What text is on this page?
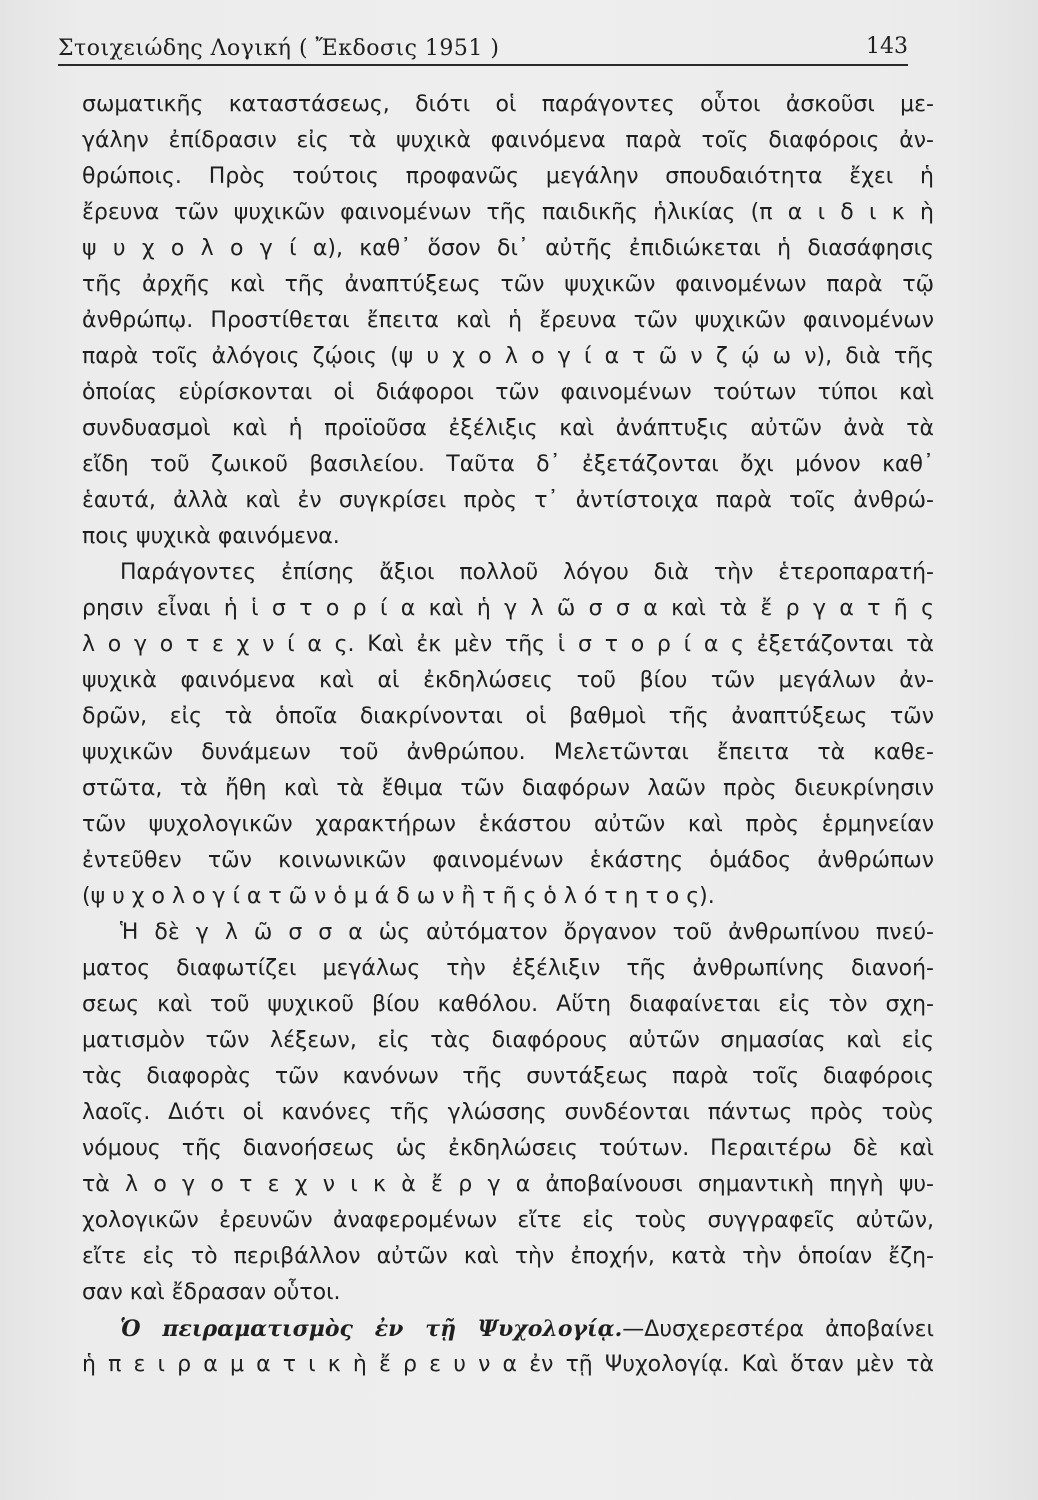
Στοιχειώδης Λογική ( Ἔκδοσις 1951 )	143
σωματικῆς καταστάσεως, διότι οἱ παράγοντες οὗτοι ἀσκοῦσι με-
γάλην ἐπίδρασιν εἰς τὰ ψυχικὰ φαινόμενα παρὰ τοῖς διαφόροις ἀν-
θρώποις. Πρὸς τούτοις προφανῶς μεγάλην σπουδαιότητα ἔχει ἡ
ἔρευνα τῶν ψυχικῶν φαινομένων τῆς παιδικῆς ἡλικίας (π α ι δ ι κ ὴ
ψ υ χ ο λ ο γ ί α), καθ᾽ ὅσον δι᾽ αὐτῆς ἐπιδιώκεται ἡ διασάφησις
τῆς ἀρχῆς καὶ τῆς ἀναπτύξεως τῶν ψυχικῶν φαινομένων παρὰ τῷ
ἀνθρώπῳ. Προστίθεται ἔπειτα καὶ ἡ ἔρευνα τῶν ψυχικῶν φαινομένων
παρὰ τοῖς ἀλόγοις ζῴοις (ψ υ χ ο λ ο γ ί α τ ῶ ν ζ ῴ ω ν), διὰ τῆς
ὁποίας εὑρίσκονται οἱ διάφοροι τῶν φαινομένων τούτων τύποι καὶ
συνδυασμοὶ καὶ ἡ προϊοῦσα ἐξέλιξις καὶ ἀνάπτυξις αὐτῶν ἀνὰ τὰ
εἴδη τοῦ ζωικοῦ βασιλείου. Ταῦτα δ᾽ ἐξετάζονται ὄχι μόνον καθ᾽
ἑαυτά, ἀλλὰ καὶ ἐν συγκρίσει πρὸς τ᾽ ἀντίστοιχα παρὰ τοῖς ἀνθρώ-
ποις ψυχικὰ φαινόμενα.
Παράγοντες ἐπίσης ἄξιοι πολλοῦ λόγου διὰ τὴν ἑτεροπαρατή-
ρησιν εἶναι ἡ ἱ σ τ ο ρ ί α καὶ ἡ γ λ ῶ σ σ α καὶ τὰ ἔ ρ γ α τ ῆ ς
λ ο γ ο τ ε χ ν ί α ς. Καὶ ἐκ μὲν τῆς ἱ σ τ ο ρ ί α ς ἐξετάζονται τὰ
ψυχικὰ φαινόμενα καὶ αἱ ἐκδηλώσεις τοῦ βίου τῶν μεγάλων ἀν-
δρῶν, εἰς τὰ ὁποῖα διακρίνονται οἱ βαθμοὶ τῆς ἀναπτύξεως τῶν
ψυχικῶν δυνάμεων τοῦ ἀνθρώπου. Μελετῶνται ἔπειτα τὰ καθε-
στῶτα, τὰ ἤθη καὶ τὰ ἔθιμα τῶν διαφόρων λαῶν πρὸς διευκρίνησιν
τῶν ψυχολογικῶν χαρακτήρων ἑκάστου αὐτῶν καὶ πρὸς ἑρμηνείαν
ἐντεῦθεν τῶν κοινωνικῶν φαινομένων ἑκάστης ὁμάδος ἀνθρώπων
(ψ υ χ ο λ ο γ ί α τ ῶ ν ὁ μ ά δ ω ν ἢ τ ῆ ς ὁ λ ό τ η τ ο ς).
Ἡ δὲ γ λ ῶ σ σ α ὡς αὐτόματον ὄργανον τοῦ ἀνθρωπίνου πνεύ-
ματος διαφωτίζει μεγάλως τὴν ἐξέλιξιν τῆς ἀνθρωπίνης διανοή-
σεως καὶ τοῦ ψυχικοῦ βίου καθόλου. Αὕτη διαφαίνεται εἰς τὸν σχη-
ματισμὸν τῶν λέξεων, εἰς τὰς διαφόρους αὐτῶν σημασίας καὶ εἰς
τὰς διαφορὰς τῶν κανόνων τῆς συντάξεως παρὰ τοῖς διαφόροις
λαοῖς. Διότι οἱ κανόνες τῆς γλώσσης συνδέονται πάντως πρὸς τοὺς
νόμους τῆς διανοήσεως ὡς ἐκδηλώσεις τούτων. Περαιτέρω δὲ καὶ
τὰ λ ο γ ο τ ε χ ν ι κ ὰ ἔ ρ γ α ἀποβαίνουσι σημαντικὴ πηγὴ ψυ-
χολογικῶν ἐρευνῶν ἀναφερομένων εἴτε εἰς τοὺς συγγραφεῖς αὐτῶν,
εἴτε εἰς τὸ περιβάλλον αὐτῶν καὶ τὴν ἐποχήν, κατὰ τὴν ὁποίαν ἔζη-
σαν καὶ ἔδρασαν οὗτοι.
Ὁ πειραματισμὸς ἐν τῇ Ψυχολογίᾳ.—Δυσχερεστέρα ἀποβαίνει
ἡ π ε ι ρ α μ α τ ι κ ὴ ἔ ρ ε υ ν α ἐν τῇ Ψυχολογίᾳ. Καὶ ὅταν μὲν τὰ
